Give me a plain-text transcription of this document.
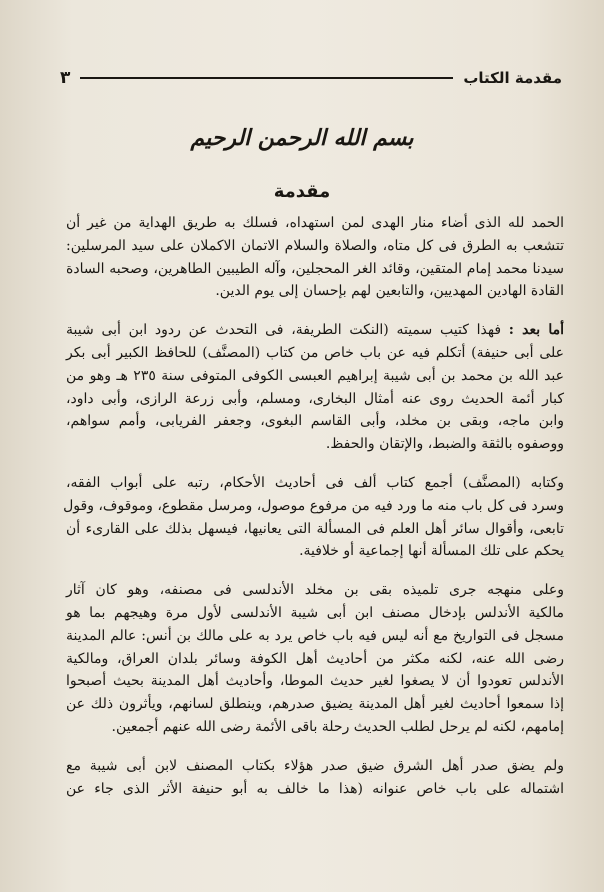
مقدمة الكتاب
٣
بسم الله الرحمن الرحيم
مقدمة
الحمد لله الذى أضاء منار الهدى لمن استهداه، فسلك به طريق الهداية من غير أن
تتشعب به الطرق فى كل متاه، والصلاة والسلام الاتمان الاكملان على سيد المرسلين:
سيدنا محمد إمام المتقين، وقائد الغر المحجلين، وآله الطيبين الطاهرين، وصحبه السادة
القادة الهادين المهديين، والتابعين لهم بإحسان إلى يوم الدين.
أما بعد : فهذا كتيب سميته (النكت الطريفة، فى التحدث عن ردود ابن أبى شيبة
على أبى حنيفة) أتكلم فيه عن باب خاص من كتاب (المصنَّف) للحافظ الكبير أبى بكر
عبد الله بن محمد بن أبى شيبة إبراهيم العبسى الكوفى المتوفى سنة ٢٣٥ هـ وهو من
كبار أئمة الحديث روى عنه أمثال البخارى، ومسلم، وأبى زرعة الرازى، وأبى داود،
وابن ماجه، وبقى بن مخلد، وأبى القاسم البغوى، وجعفر الفريابى، وأمم سواهم،
ووصفوه بالثقة والضبط، والإتقان والحفظ.
وكتابه (المصنَّف) أجمع كتاب ألف فى أحاديث الأحكام، رتبه على أبواب الفقه،
وسرد فى كل باب منه ما ورد فيه من مرفوع موصول، ومرسل مقطوع، وموقوف، وقول
تابعى، وأقوال سائر أهل العلم فى المسألة التى يعانيها، فيسهل بذلك على القارىء أن
يحكم على تلك المسألة أنها إجماعية أو خلافية.
وعلى منهجه جرى تلميذه بقى بن مخلد الأندلسى فى مصنفه، وهو كان آثار
مالكية الأندلس بإدخال مصنف ابن أبى شيبة الأندلسى لأول مرة وهيجهم بما هو
مسجل فى التواريخ مع أنه ليس فيه باب خاص يرد به على مالك بن أنس: عالم المدينة
رضى الله عنه، لكنه مكثر من أحاديث أهل الكوفة وسائر بلدان العراق، ومالكية
الأندلس تعودوا أن لا يصغوا لغير حديث الموطا، وأحاديث أهل المدينة بحيث أصبحوا
إذا سمعوا أحاديث لغير أهل المدينة يضيق صدرهم، وينطلق لسانهم، ويأثرون ذلك عن
إمامهم، لكنه لم يرحل لطلب الحديث رحلة باقى الأئمة رضى الله عنهم أجمعين.
ولم يضق صدر أهل الشرق ضيق صدر هؤلاء بكتاب المصنف لابن أبى شيبة مع
اشتماله على باب خاص عنوانه (هذا ما خالف به أبو حنيفة الأثر الذى جاء عن
